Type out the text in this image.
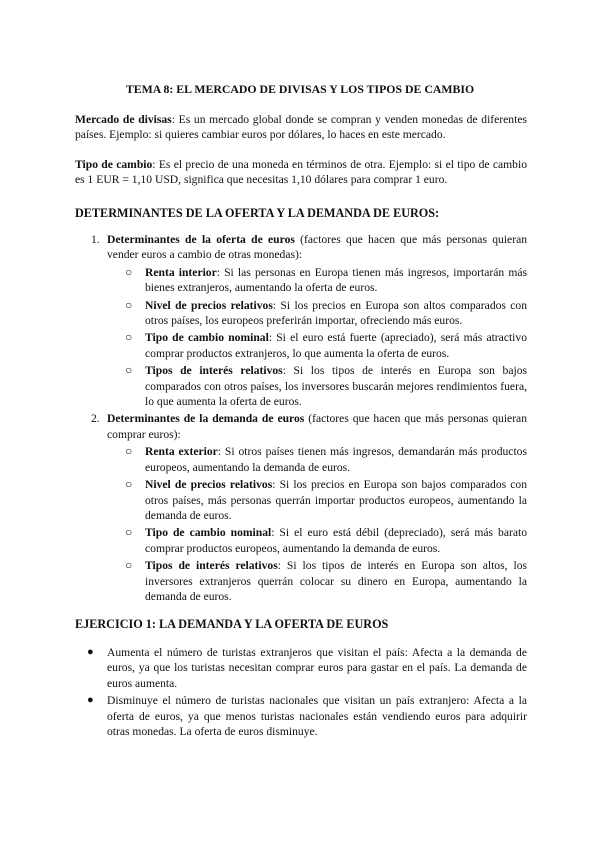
TEMA 8: EL MERCADO DE DIVISAS Y LOS TIPOS DE CAMBIO

Mercado de divisas: Es un mercado global donde se compran y venden monedas de diferentes países. Ejemplo: si quieres cambiar euros por dólares, lo haces en este mercado.

Tipo de cambio: Es el precio de una moneda en términos de otra. Ejemplo: si el tipo de cambio es 1 EUR = 1,10 USD, significa que necesitas 1,10 dólares para comprar 1 euro.

DETERMINANTES DE LA OFERTA Y LA DEMANDA DE EUROS:
1. Determinantes de la oferta de euros (factores que hacen que más personas quieran vender euros a cambio de otras monedas):
○ Renta interior: Si las personas en Europa tienen más ingresos, importarán más bienes extranjeros, aumentando la oferta de euros.
○ Nivel de precios relativos: Si los precios en Europa son altos comparados con otros países, los europeos preferirán importar, ofreciendo más euros.
○ Tipo de cambio nominal: Si el euro está fuerte (apreciado), será más atractivo comprar productos extranjeros, lo que aumenta la oferta de euros.
○ Tipos de interés relativos: Si los tipos de interés en Europa son bajos comparados con otros países, los inversores buscarán mejores rendimientos fuera, lo que aumenta la oferta de euros.
2. Determinantes de la demanda de euros (factores que hacen que más personas quieran comprar euros):
○ Renta exterior: Si otros países tienen más ingresos, demandarán más productos europeos, aumentando la demanda de euros.
○ Nivel de precios relativos: Si los precios en Europa son bajos comparados con otros países, más personas querrán importar productos europeos, aumentando la demanda de euros.
○ Tipo de cambio nominal: Si el euro está débil (depreciado), será más barato comprar productos europeos, aumentando la demanda de euros.
○ Tipos de interés relativos: Si los tipos de interés en Europa son altos, los inversores extranjeros querrán colocar su dinero en Europa, aumentando la demanda de euros.
EJERCICIO 1: LA DEMANDA Y LA OFERTA DE EUROS
● Aumenta el número de turistas extranjeros que visitan el país: Afecta a la demanda de euros, ya que los turistas necesitan comprar euros para gastar en el país. La demanda de euros aumenta.
● Disminuye el número de turistas nacionales que visitan un país extranjero: Afecta a la oferta de euros, ya que menos turistas nacionales están vendiendo euros para adquirir otras monedas. La oferta de euros disminuye.
